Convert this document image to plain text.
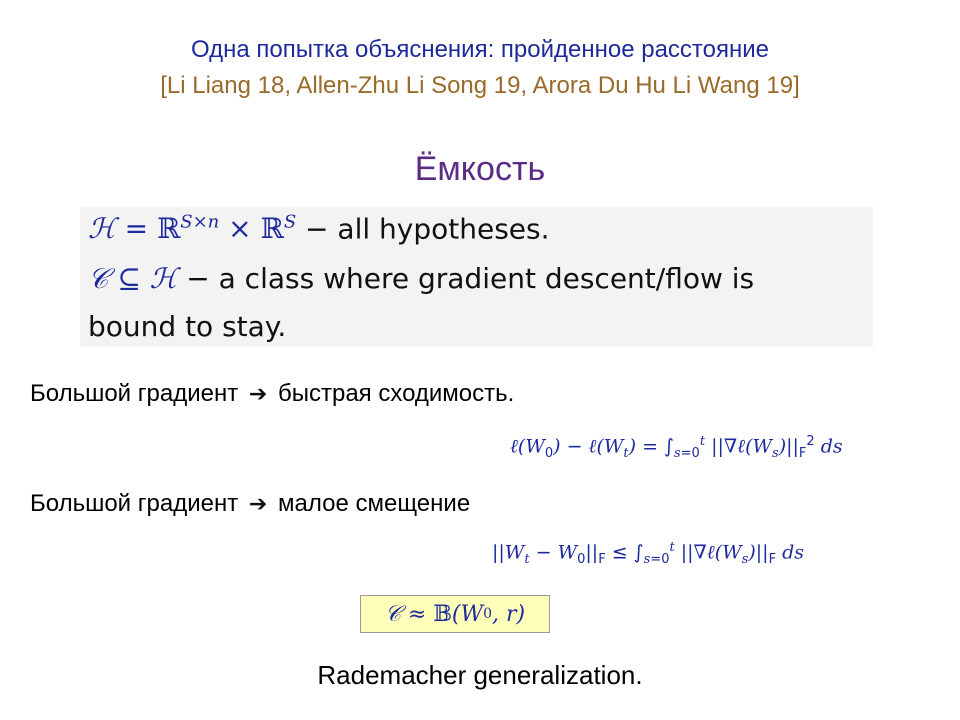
Одна попытка объяснения: пройденное расстояние
[Li Liang 18, Allen-Zhu Li Song 19, Arora Du Hu Li Wang 19]
Ёмкость
ℋ = ℝ$^{S\times n}$ × ℝ$^S$ − all hypotheses.
𝒞 ⊆ ℋ − a class where gradient descent/flow is
bound to stay.
Большой градиент ➔ быстрая сходимость.
$\ell(W_0)$ − $\ell(W_t) = \int_{s=0}^t$ $||\nabla\ell(W_s)||_F^2$ ds
Большой градиент ➔ малое смещение
$||W_t - W_0||_F \le \int_{s=0}^t$ $||\nabla\ell(W_s)||_F$ ds
𝒞 ≈ 𝔹 (W 0 , r)
Rademacher generalization.
